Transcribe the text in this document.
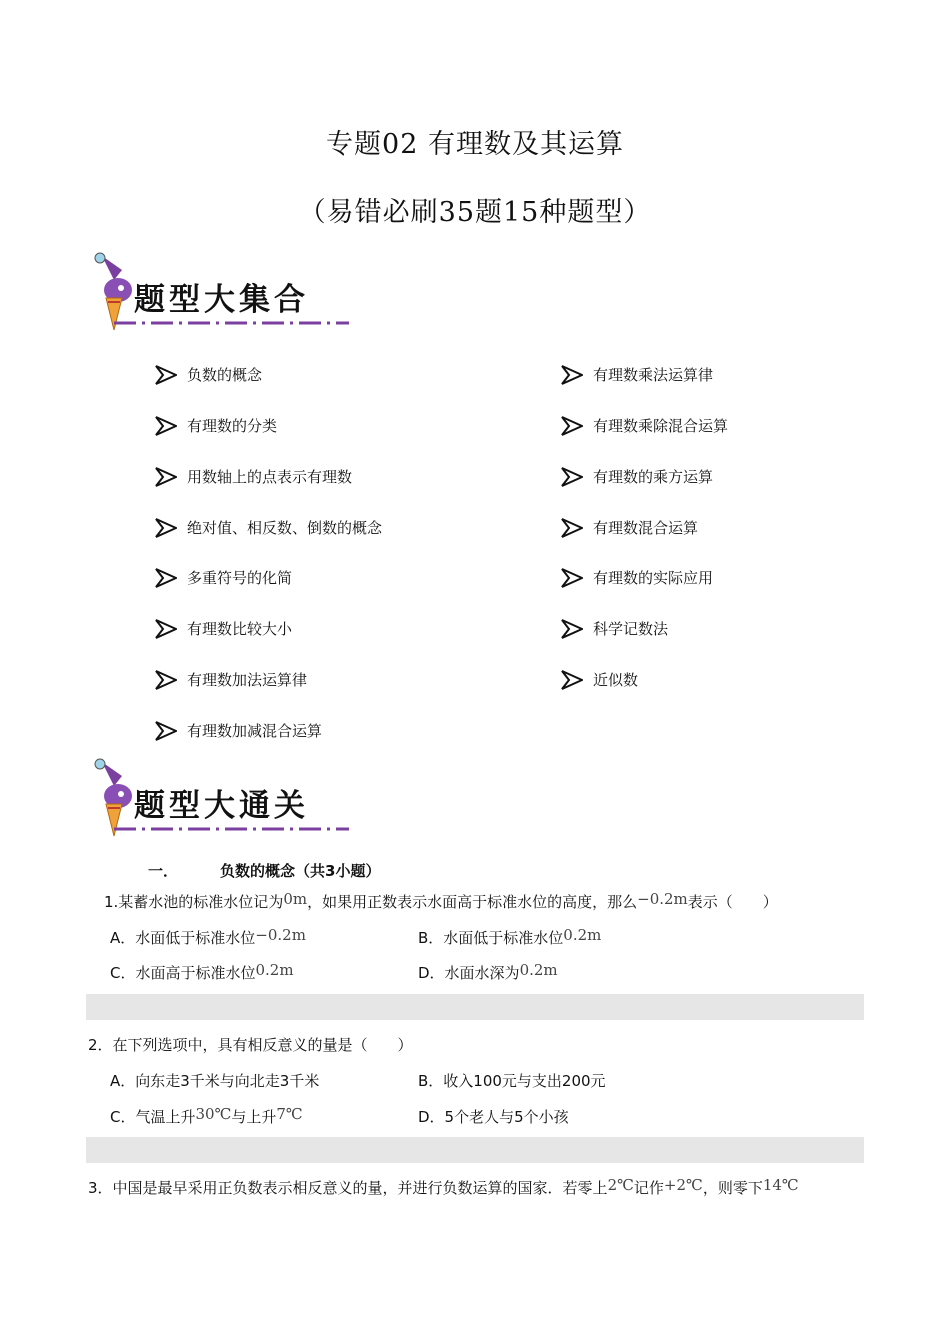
专题02 有理数及其运算
（易错必刷35题15种题型）
题型大集合
负数的概念
有理数的分类
用数轴上的点表示有理数
绝对值、相反数、倒数的概念
多重符号的化简
有理数比较大小
有理数加法运算律
有理数加减混合运算
有理数乘法运算律
有理数乘除混合运算
有理数的乘方运算
有理数混合运算
有理数的实际应用
科学记数法
近似数
题型大通关
一．	负数的概念（共3小题）
1.某蓄水池的标准水位记为0m，如果用正数表示水面高于标准水位的高度，那么−0.2m表示（　　）
A．水面低于标准水位−0.2m	B．水面低于标准水位0.2m
C．水面高于标准水位0.2m	D．水面水深为0.2m
2．在下列选项中，具有相反意义的量是（　　）
A．向东走3千米与向北走3千米	B．收入100元与支出200元
C．气温上升30℃与上升7℃	D．5个老人与5个小孩
3．中国是最早采用正负数表示相反意义的量，并进行负数运算的国家．若零上2℃记作+2℃，则零下14℃
